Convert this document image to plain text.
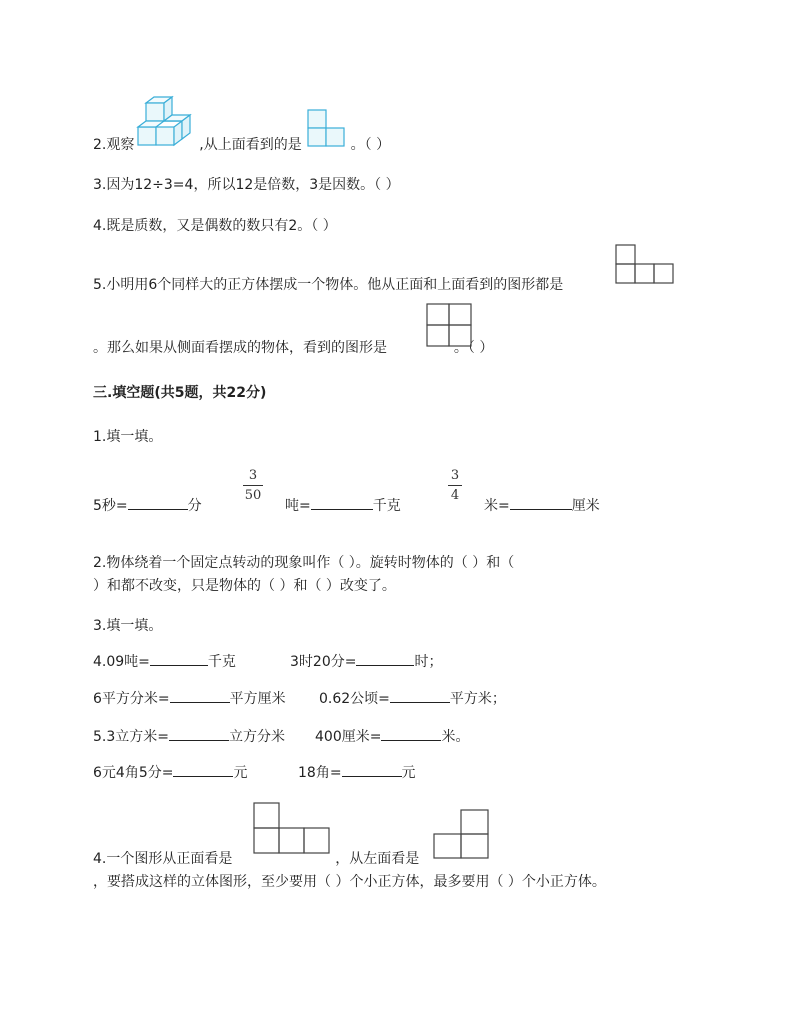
2.观察	,从上面看到的是	。（ ）
3.因为12÷3=4，所以12是倍数，3是因数。（ ）
4.既是质数，又是偶数的数只有2。（ ）
5.小明用6个同样大的正方体摆成一个物体。他从正面和上面看到的图形都是
。那么如果从侧面看摆成的物体，看到的图形是	。（ ）
三.填空题(共5题，共22分)
1.填一填。
5秒=	分
3
50
吨=	千克
3
4
米=	厘米
2.物体绕着一个固定点转动的现象叫作（ ）。旋转时物体的（ ）和（
）和都不改变，只是物体的（ ）和（ ）改变了。
3.填一填。
4.09吨=	千克	3时20分=	时；
6平方分米=	平方厘米 0.62公顷=	平方米；
5.3立方米=	立方分米 400厘米=	米。
6元4角5分=	元	18角=	元
4.一个图形从正面看是	，从左面看是
，要搭成这样的立体图形，至少要用（ ）个小正方体，最多要用（ ）个小正方体。
